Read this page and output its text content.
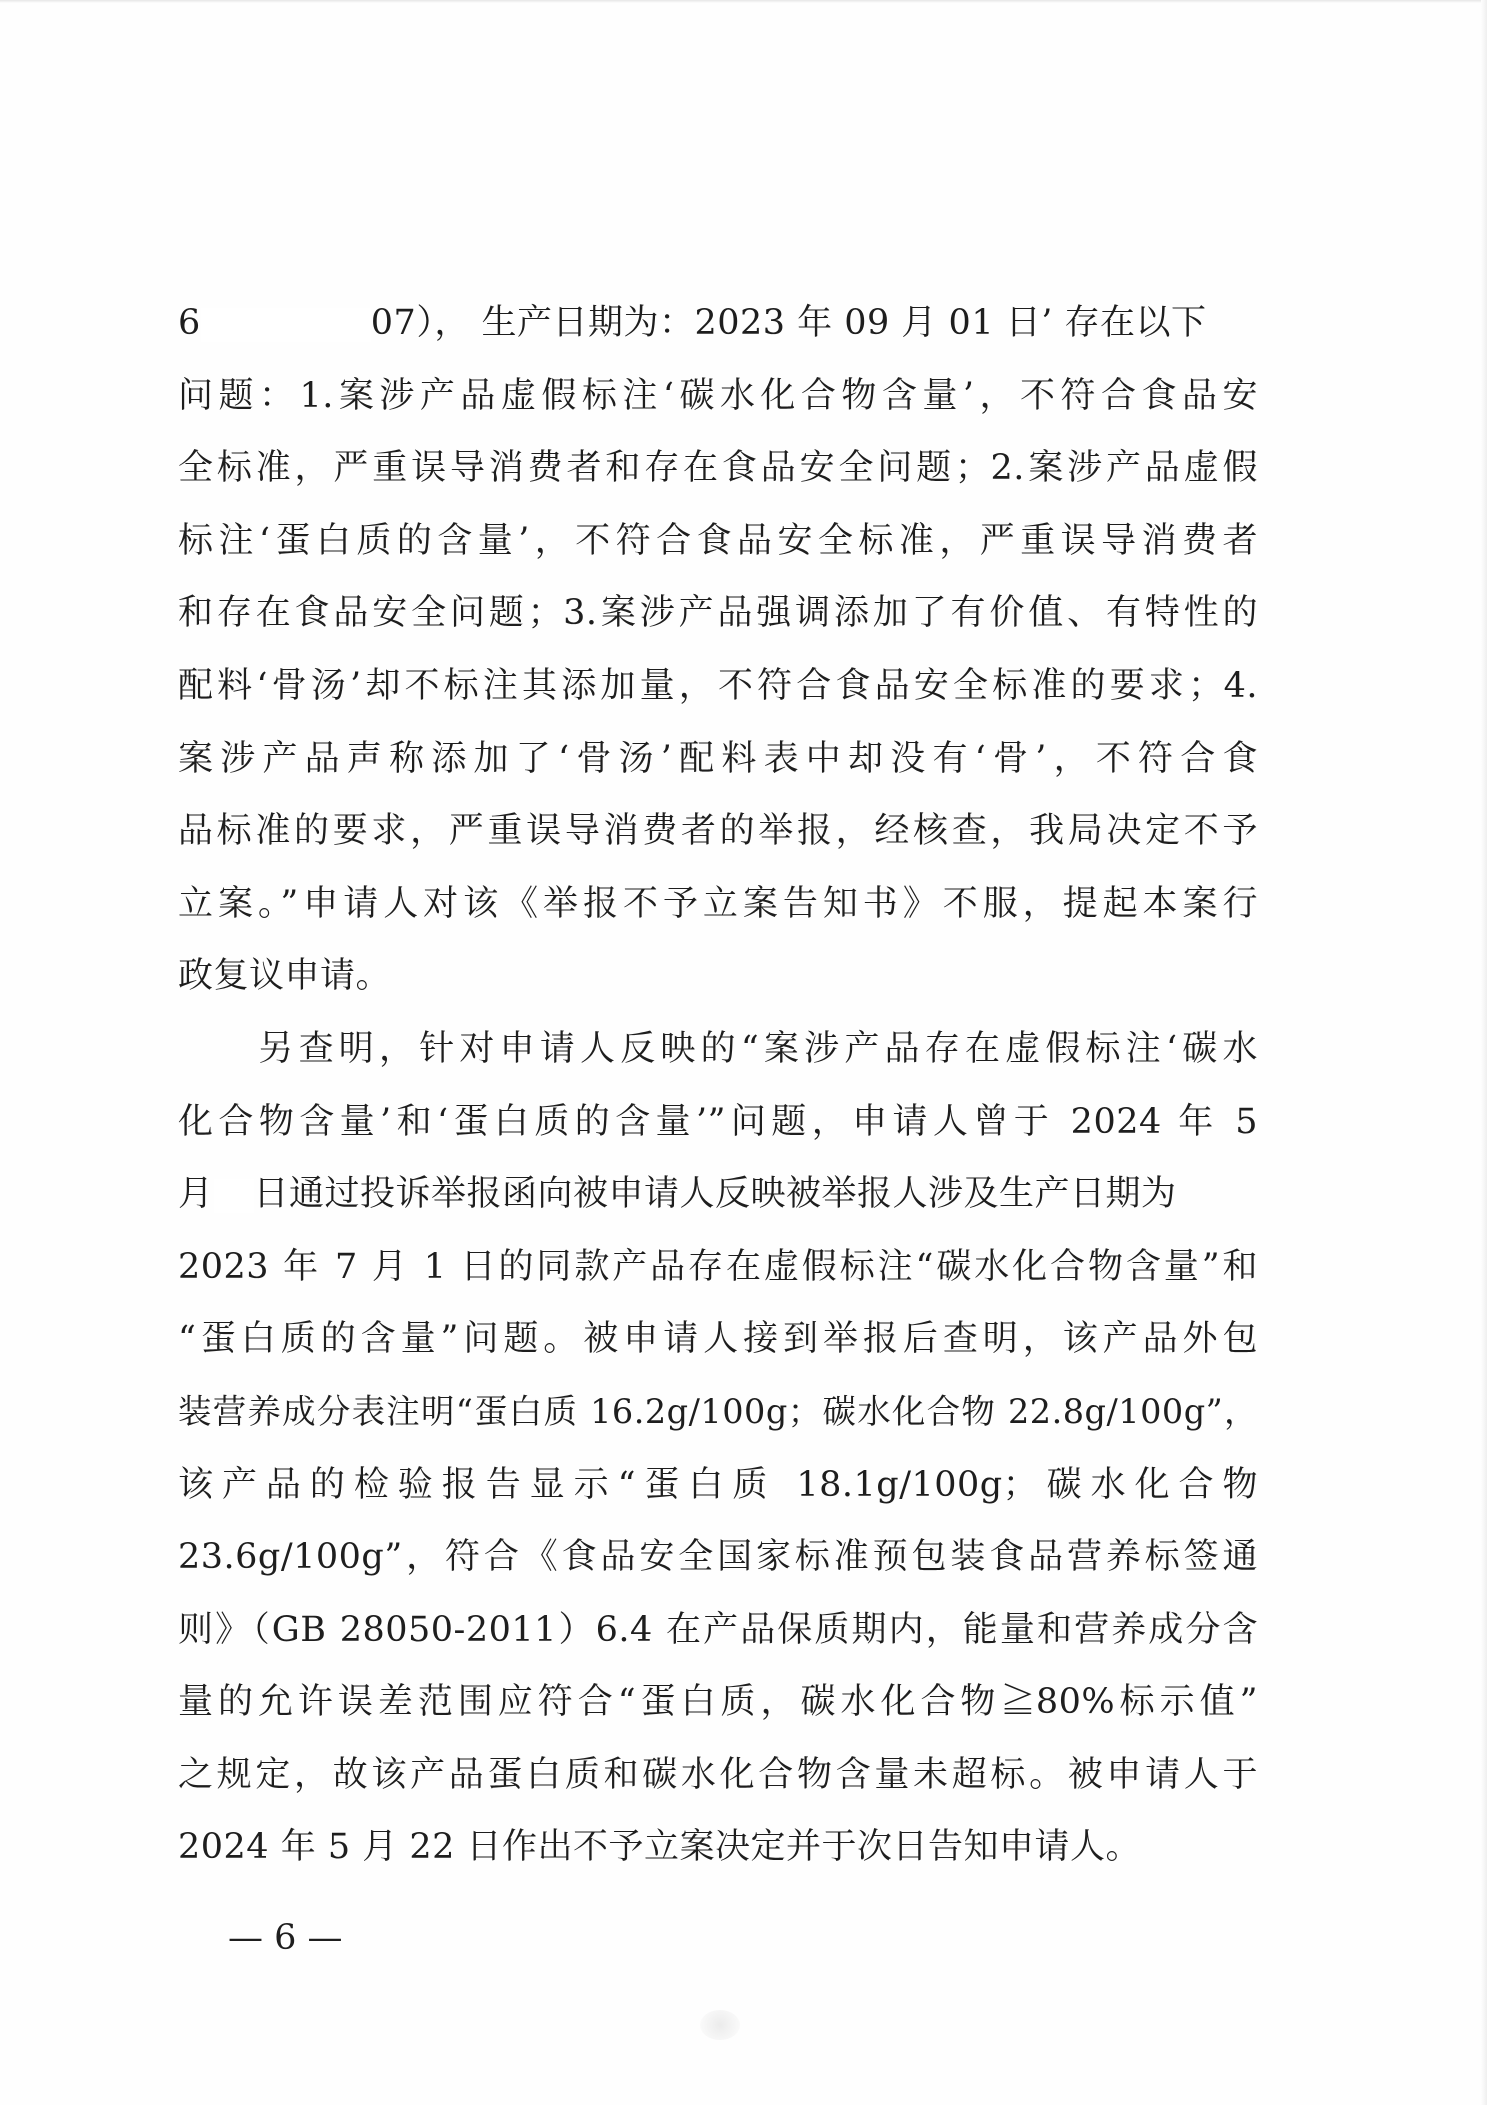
6	07）， 生产日期为：2023 年 09 月 01 日’ 存在以下
问题：1.案涉产品虚假标注‘碳水化合物含量’，不符合食品安
全标准，严重误导消费者和存在食品安全问题；2.案涉产品虚假
标注‘蛋白质的含量’，不符合食品安全标准，严重误导消费者
和存在食品安全问题；3.案涉产品强调添加了有价值、有特性的
配料‘骨汤’却不标注其添加量，不符合食品安全标准的要求；4.
案涉产品声称添加了‘骨汤’配料表中却没有‘骨’，不符合食
品标准的要求，严重误导消费者的举报，经核查，我局决定不予
立案。”申请人对该《举报不予立案告知书》不服，提起本案行
政复议申请。
　　另查明，针对申请人反映的“案涉产品存在虚假标注‘碳水
化合物含量’和‘蛋白质的含量’”问题，申请人曾于 2024 年 5
月 日通过投诉举报函向被申请人反映被举报人涉及生产日期为
2023 年 7 月 1 日的同款产品存在虚假标注“碳水化合物含量”和
“蛋白质的含量”问题。被申请人接到举报后查明，该产品外包
装营养成分表注明“蛋白质 16.2g/100g；碳水化合物 22.8g/100g”，
该产品的检验报告显示“蛋白质 18.1g/100g；碳水化合物
23.6g/100g”，符合《食品安全国家标准预包装食品营养标签通
则》（GB 28050-2011）6.4 在产品保质期内，能量和营养成分含
量的允许误差范围应符合“蛋白质，碳水化合物≧80%标示值”
之规定，故该产品蛋白质和碳水化合物含量未超标。被申请人于
2024 年 5 月 22 日作出不予立案决定并于次日告知申请人。
— 6 —
